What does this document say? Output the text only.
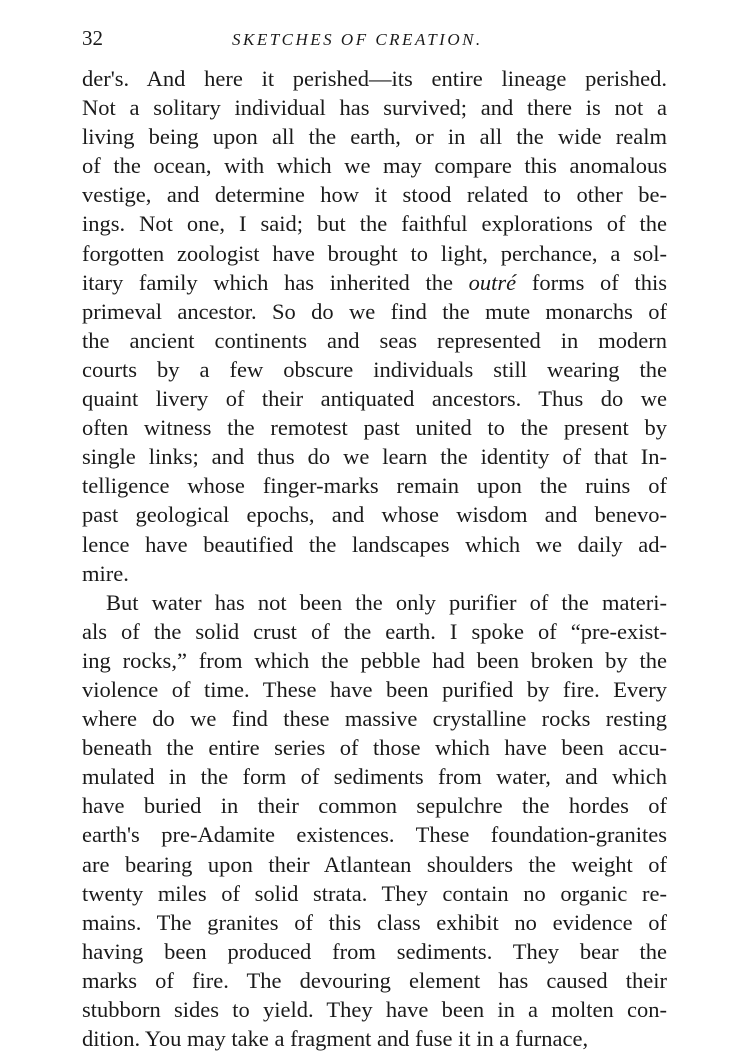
32	SKETCHES OF CREATION.
der's. And here it perished—its entire lineage perished.
Not a solitary individual has survived; and there is not a
living being upon all the earth, or in all the wide realm
of the ocean, with which we may compare this anomalous
vestige, and determine how it stood related to other be-
ings. Not one, I said; but the faithful explorations of the
forgotten zoologist have brought to light, perchance, a sol-
itary family which has inherited the outré forms of this
primeval ancestor. So do we find the mute monarchs of
the ancient continents and seas represented in modern
courts by a few obscure individuals still wearing the
quaint livery of their antiquated ancestors. Thus do we
often witness the remotest past united to the present by
single links; and thus do we learn the identity of that In-
telligence whose finger-marks remain upon the ruins of
past geological epochs, and whose wisdom and benevo-
lence have beautified the landscapes which we daily ad-
mire.
But water has not been the only purifier of the materi-
als of the solid crust of the earth. I spoke of “pre-exist-
ing rocks,” from which the pebble had been broken by the
violence of time. These have been purified by fire. Every
where do we find these massive crystalline rocks resting
beneath the entire series of those which have been accu-
mulated in the form of sediments from water, and which
have buried in their common sepulchre the hordes of
earth's pre-Adamite existences. These foundation-granites
are bearing upon their Atlantean shoulders the weight of
twenty miles of solid strata. They contain no organic re-
mains. The granites of this class exhibit no evidence of
having been produced from sediments. They bear the
marks of fire. The devouring element has caused their
stubborn sides to yield. They have been in a molten con-
dition. You may take a fragment and fuse it in a furnace,
